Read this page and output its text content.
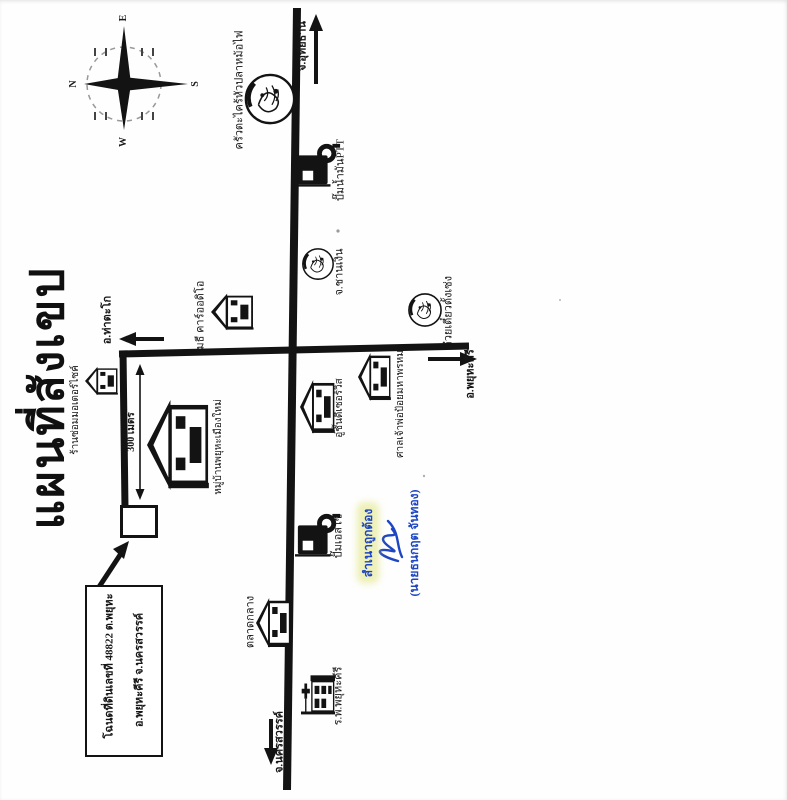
โฉนดที่ดินเลขที่ 48822 ต.พยุหะ อ.พยุหะคีรี จ.นครสวรรค์
แผนที่สังเขป
N
E
S
W
จ.อุทัยธานี
อ.ท่าตะโก
อ.พยุหะคีรี
จ.นครสวรรค์
ครัวตะไคร้หัวปลาหม้อไฟ
ปั๊มน้ำมันPTT
จ.ชานเงิน
ก๋วยเตี๋ยวตั้งเซ่ง
เมธี คาร์ออดิโอ
ร้านซ่อมมอเตอร์ไซค์	หมู่บ้านพยุหะเมืองใหม่	อู่ชั้นดีเซอร์วิส	ศาลเจ้าพ่อป้อยมหาพรหม
ปั๊มเอสโซ่
ตลาดกลาง
ร.พ.พยุหะคีรี
300 เมตร
สำเนาถูกต้อง	(นายธนกฤต จันทอง)
